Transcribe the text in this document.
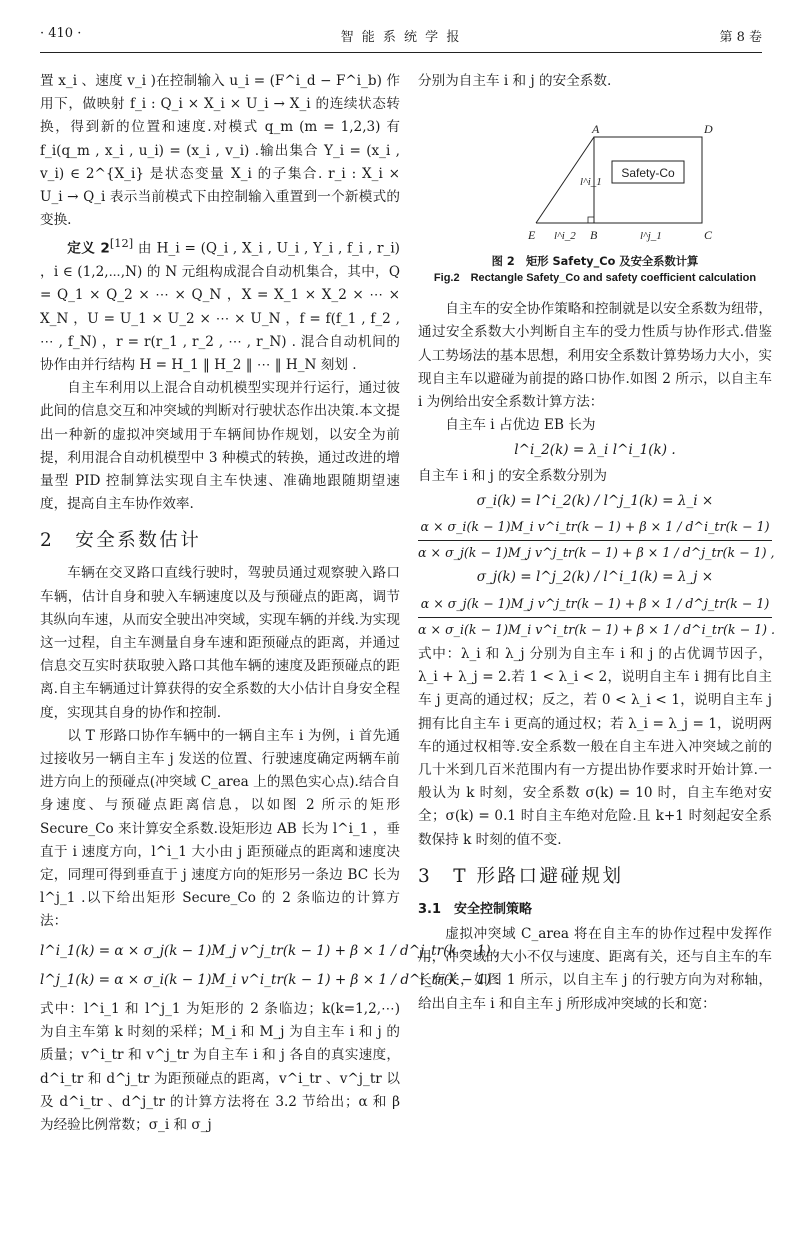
· 410 ·	智 能 系 统 学 报	第 8 卷

置 x_i 、速度 v_i )在控制输入 u_i = (F^i_d − F^i_b) 作用下，做映射 f_i : Q_i × X_i × U_i → X_i 的连续状态转换，得到新的位置和速度.对模式 q_m (m = 1,2,3) 有 f_i(q_m , x_i , u_i) = (x_i , v_i) .输出集合 Y_i = (x_i , v_i) ∈ 2^{X_i} 是状态变量 X_i 的子集合. r_i : X_i × U_i → Q_i 表示当前模式下由控制输入重置到一个新模式的变换.

定义 2[12] 由 H_i = (Q_i , X_i , U_i , Y_i , f_i , r_i) ，i ∈ (1,2,⋯,N) 的 N 元组构成混合自动机集合，其中，Q = Q_1 × Q_2 × ⋯ × Q_N ，X = X_1 × X_2 × ⋯ × X_N ，U = U_1 × U_2 × ⋯ × U_N ，f = f(f_1 , f_2 , ⋯ , f_N) ，r = r(r_1 , r_2 , ⋯ , r_N) . 混合自动机间的协作由并行结构 H = H_1 ‖ H_2 ‖ ⋯ ‖ H_N 刻划 .

自主车利用以上混合自动机模型实现并行运行，通过彼此间的信息交互和冲突域的判断对行驶状态作出决策.本文提出一种新的虚拟冲突域用于车辆间协作规划，以安全为前提，利用混合自动机模型中 3 种模式的转换，通过改进的增量型 PID 控制算法实现自主车快速、准确地跟随期望速度，提高自主车协作效率.

2　安全系数估计

车辆在交叉路口直线行驶时，驾驶员通过观察驶入路口车辆，估计自身和驶入车辆速度以及与预碰点的距离，调节其纵向车速，从而安全驶出冲突域，实现车辆的并线.为实现这一过程，自主车测量自身车速和距预碰点的距离，并通过信息交互实时获取驶入路口其他车辆的速度及距预碰点的距离.自主车辆通过计算获得的安全系数的大小估计自身安全程度，实现其自身的协作和控制.

以 T 形路口协作车辆中的一辆自主车 i 为例，i 首先通过接收另一辆自主车 j 发送的位置、行驶速度确定两辆车前进方向上的预碰点(冲突域 C_area 上的黑色实心点).结合自身速度、与预碰点距离信息，以如图 2 所示的矩形 Secure_Co 来计算安全系数.设矩形边 AB 长为 l^i_1 ，垂直于 i 速度方向，l^i_1 大小由 j 距预碰点的距离和速度决定，同理可得到垂直于 j 速度方向的矩形另一条边 BC 长为 l^j_1 .以下给出矩形 Secure_Co 的 2 条临边的计算方法：

l^i_1(k) = α × σ_j(k − 1)M_j v^j_tr(k − 1) + β × 1 / d^j_tr(k − 1) ,
l^j_1(k) = α × σ_i(k − 1)M_i v^i_tr(k − 1) + β × 1 / d^i_tr(k − 1) .

式中：l^i_1 和 l^j_1 为矩形的 2 条临边；k(k=1,2,⋯) 为自主车第 k 时刻的采样；M_i 和 M_j 为自主车 i 和 j 的质量；v^i_tr 和 v^j_tr 为自主车 i 和 j 各自的真实速度，d^i_tr 和 d^j_tr 为距预碰点的距离，v^i_tr 、v^j_tr 以及 d^i_tr 、d^j_tr 的计算方法将在 3.2 节给出；α 和 β 为经验比例常数；σ_i 和 σ_j

分别为自主车 i 和 j 的安全系数.

Safety-Co
A	D
E	B	C
l^i_1
l^i_2	l^j_1
图 2　矩形 Safety_Co 及安全系数计算
Fig.2　Rectangle Safety_Co and safety coefficient calculation

自主车的安全协作策略和控制就是以安全系数为纽带，通过安全系数大小判断自主车的受力性质与协作形式.借鉴人工势场法的基本思想，利用安全系数计算势场力大小，实现自主车以避碰为前提的路口协作.如图 2 所示，以自主车 i 为例给出安全系数计算方法：

自主车 i 占优边 EB 长为

l^i_2(k) = λ_i l^i_1(k) .

自主车 i 和 j 的安全系数分别为

σ_i(k) = l^i_2(k) / l^j_1(k) = λ_i ×
α × σ_i(k − 1)M_i v^i_tr(k − 1) + β × 1 / d^i_tr(k − 1)
α × σ_j(k − 1)M_j v^j_tr(k − 1) + β × 1 / d^j_tr(k − 1) ,
σ_j(k) = l^j_2(k) / l^i_1(k) = λ_j ×
α × σ_j(k − 1)M_j v^j_tr(k − 1) + β × 1 / d^j_tr(k − 1)
α × σ_i(k − 1)M_i v^i_tr(k − 1) + β × 1 / d^i_tr(k − 1) .

式中：λ_i 和 λ_j 分别为自主车 i 和 j 的占优调节因子，λ_i + λ_j = 2.若 1 < λ_i < 2，说明自主车 i 拥有比自主车 j 更高的通过权；反之，若 0 < λ_i < 1，说明自主车 j 拥有比自主车 i 更高的通过权；若 λ_i = λ_j = 1，说明两车的通过权相等.安全系数一般在自主车进入冲突域之前的几十米到几百米范围内有一方提出协作要求时开始计算.一般认为 k 时刻，安全系数 σ(k) = 10 时，自主车绝对安全；σ(k) = 0.1 时自主车绝对危险.且 k+1 时刻起安全系数保持 k 时刻的值不变.

3　T 形路口避碰规划
3.1　安全控制策略

虚拟冲突域 C_area 将在自主车的协作过程中发挥作用，冲突域的大小不仅与速度、距离有关，还与自主车的车长有关，如图 1 所示，以自主车 j 的行驶方向为对称轴，给出自主车 i 和自主车 j 所形成冲突域的长和宽：
